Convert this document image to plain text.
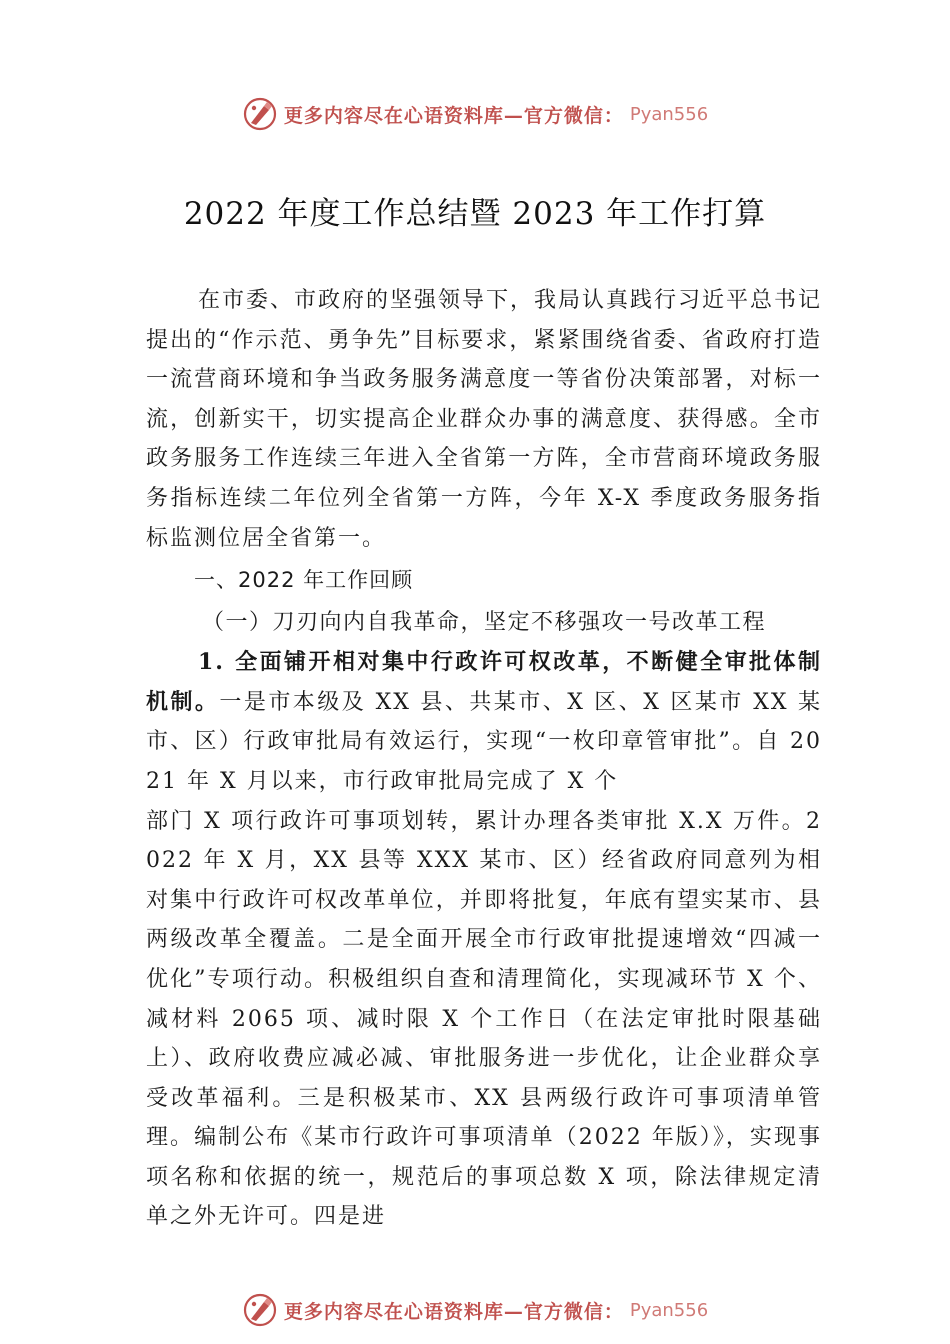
更多内容尽在心语资料库—官方微信： Pyan556
2022 年度工作总结暨 2023 年工作打算

在市委、市政府的坚强领导下，我局认真践行习近平总书记提出的“作示范、勇争先”目标要求，紧紧围绕省委、省政府打造一流营商环境和争当政务服务满意度一等省份决策部署，对标一流，创新实干，切实提高企业群众办事的满意度、获得感。全市政务服务工作连续三年进入全省第一方阵，全市营商环境政务服务指标连续二年位列全省第一方阵，今年 X-X 季度政务服务指标监测位居全省第一。

一、2022 年工作回顾

（一）刀刃向内自我革命，坚定不移强攻一号改革工程

1. 全面铺开相对集中行政许可权改革，不断健全审批体制机制。一是市本级及 XX 县、共某市、X 区、X 区某市 XX 某市、区）行政审批局有效运行，实现“一枚印章管审批”。自 2021 年 X 月以来，市行政审批局完成了 X 个

部门 X 项行政许可事项划转，累计办理各类审批 X.X 万件。2022 年 X 月，XX 县等 XXX 某市、区）经省政府同意列为相对集中行政许可权改革单位，并即将批复，年底有望实某市、县两级改革全覆盖。二是全面开展全市行政审批提速增效“四减一优化”专项行动。积极组织自查和清理简化，实现减环节 X 个、减材料 2065 项、减时限 X 个工作日（在法定审批时限基础上）、政府收费应减必减、审批服务进一步优化，让企业群众享受改革福利。三是积极某市、XX 县两级行政许可事项清单管理。编制公布《某市行政许可事项清单（2022 年版）》，实现事项名称和依据的统一，规范后的事项总数 X 项，除法律规定清单之外无许可。四是进

更多内容尽在心语资料库—官方微信： Pyan556
